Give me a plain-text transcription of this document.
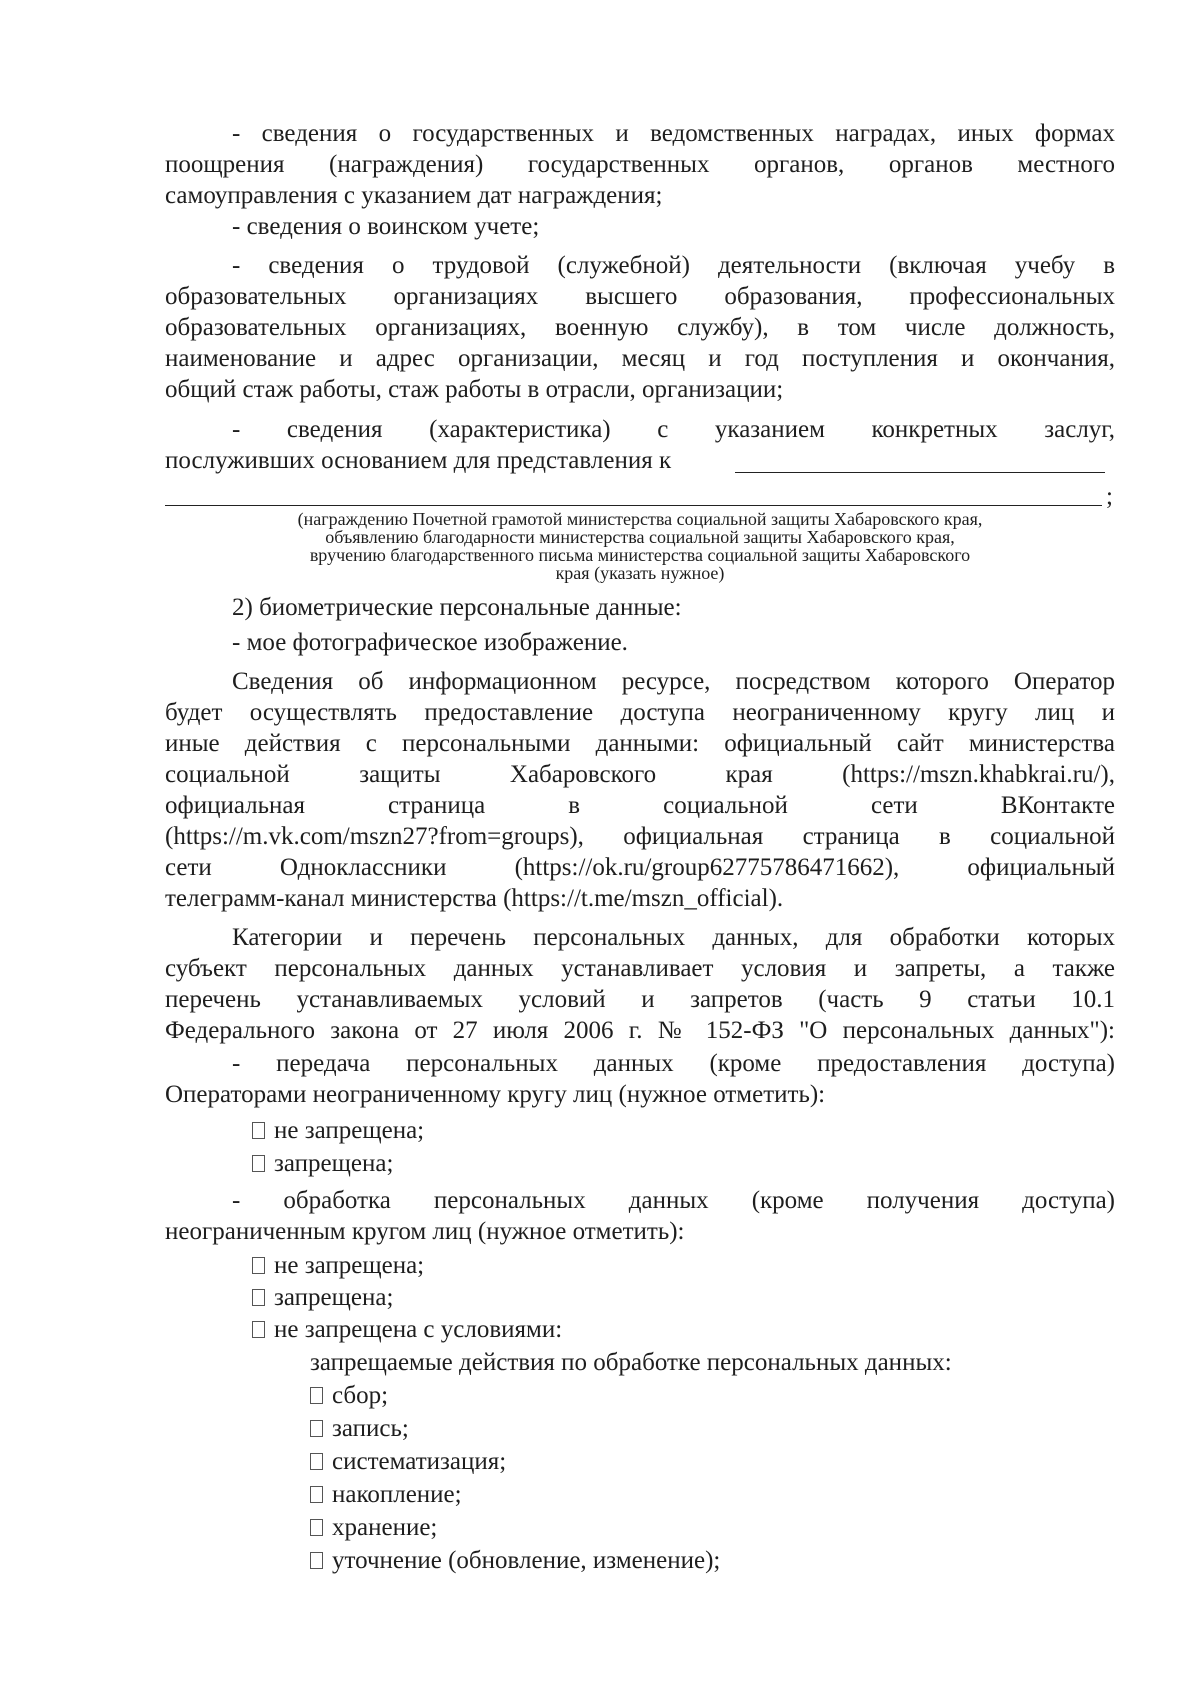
- сведения о государственных и ведомственных наградах, иных формах

поощрения (награждения) государственных органов, органов местного

самоуправления с указанием дат награждения;

- сведения о воинском учете;

- сведения о трудовой (служебной) деятельности (включая учебу в

образовательных организациях высшего образования, профессиональных

образовательных организациях, военную службу), в том числе должность,

наименование и адрес организации, месяц и год поступления и окончания,

общий стаж работы, стаж работы в отрасли, организации;

- сведения (характеристика) с указанием конкретных заслуг,

послуживших основанием для представления к

;
(награждению Почетной грамотой министерства социальной защиты Хабаровского края,
объявлению благодарности министерства социальной защиты Хабаровского края,
вручению благодарственного письма министерства социальной защиты Хабаровского
края (указать нужное)

2) биометрические персональные данные:

- мое фотографическое изображение.

Сведения об информационном ресурсе, посредством которого Оператор

будет осуществлять предоставление доступа неограниченному кругу лиц и

иные действия с персональными данными: официальный сайт министерства

социальной защиты Хабаровского края (https://mszn.khabkrai.ru/),

официальная страница в социальной сети ВКонтакте

(https://m.vk.com/mszn27?from=groups), официальная страница в социальной

сети Одноклассники (https://ok.ru/group62775786471662), официальный

телеграмм-канал министерства (https://t.me/mszn_official).

Категории и перечень персональных данных, для обработки которых

субъект персональных данных устанавливает условия и запреты, а также

перечень устанавливаемых условий и запретов (часть 9 статьи 10.1

Федерального закона от 27 июля 2006 г. № 152-ФЗ "О персональных данных"):

- передача персональных данных (кроме предоставления доступа)

Операторами неограниченному кругу лиц (нужное отметить):

не запрещена;
запрещена;

- обработка персональных данных (кроме получения доступа)

неограниченным кругом лиц (нужное отметить):

не запрещена;
запрещена;
не запрещена с условиями:

запрещаемые действия по обработке персональных данных:

сбор;
запись;
систематизация;
накопление;
хранение;
уточнение (обновление, изменение);
